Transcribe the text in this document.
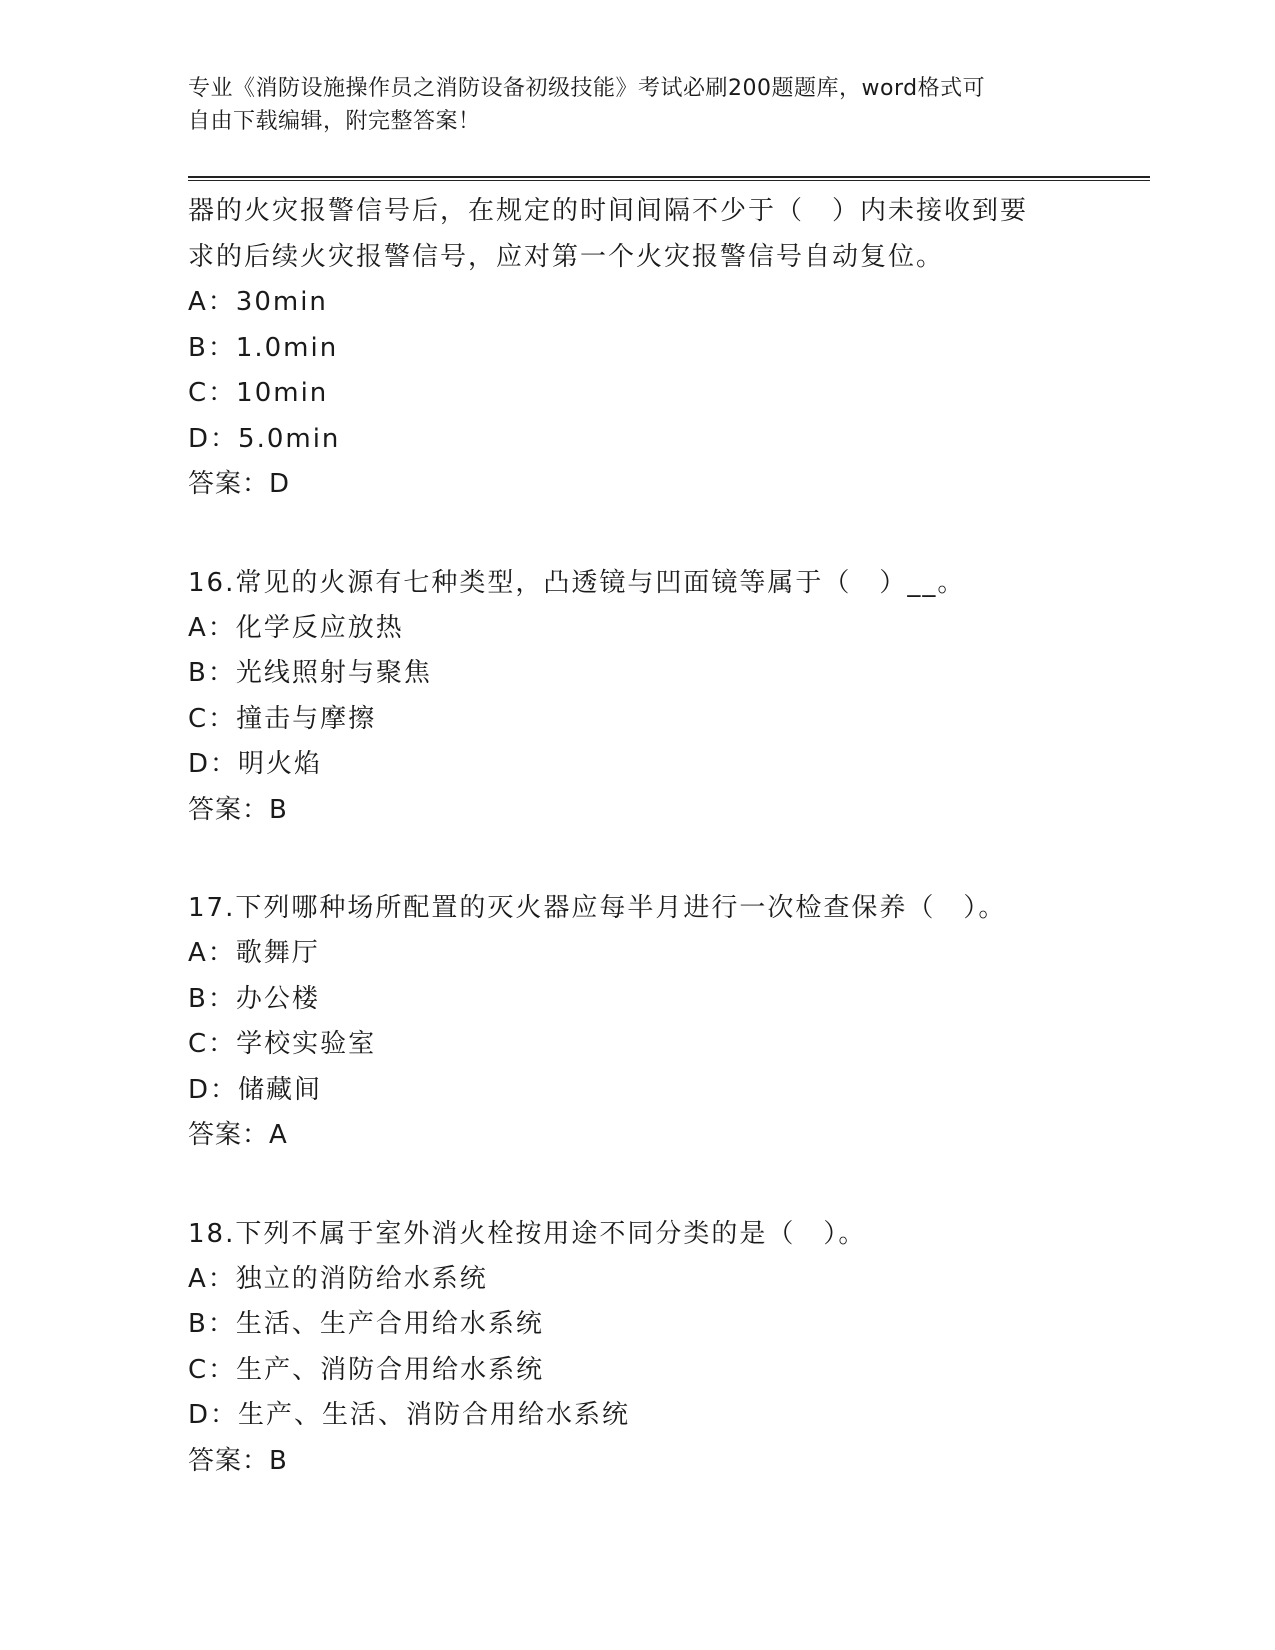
专业《消防设施操作员之消防设备初级技能》考试必刷200题题库，word格式可
自由下载编辑，附完整答案！
器的火灾报警信号后，在规定的时间间隔不少于（　）内未接收到要
求的后续火灾报警信号，应对第一个火灾报警信号自动复位。
A：30min
B：1.0min
C：10min
D：5.0min
答案：D
16.常见的火源有七种类型，凸透镜与凹面镜等属于（　）__。
A：化学反应放热
B：光线照射与聚焦
C：撞击与摩擦
D：明火焰
答案：B
17.下列哪种场所配置的灭火器应每半月进行一次检查保养（　）。
A：歌舞厅
B：办公楼
C：学校实验室
D：储藏间
答案：A
18.下列不属于室外消火栓按用途不同分类的是（　）。
A：独立的消防给水系统
B：生活、生产合用给水系统
C：生产、消防合用给水系统
D：生产、生活、消防合用给水系统
答案：B
